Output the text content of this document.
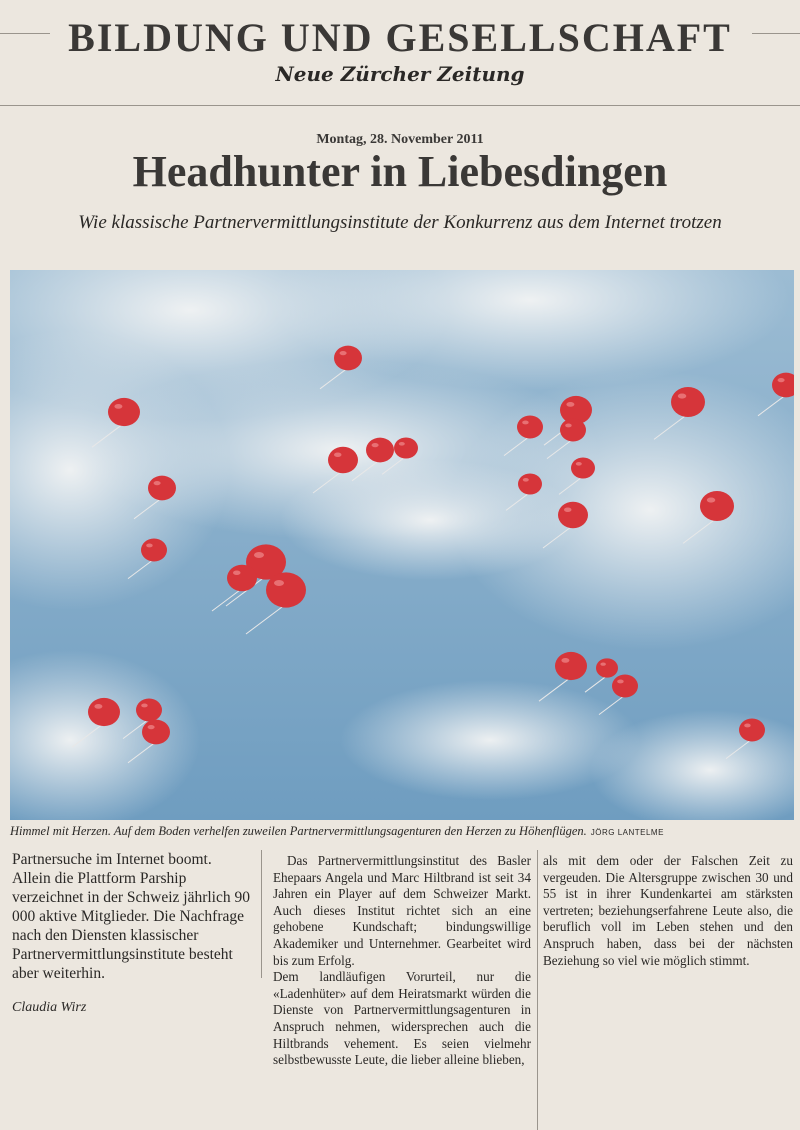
BILDUNG UND GESELLSCHAFT
Neue Zürcher Zeitung
Montag, 28. November 2011
Headhunter in Liebesdingen
Wie klassische Partnervermittlungsinstitute der Konkurrenz aus dem Internet trotzen
Himmel mit Herzen. Auf dem Boden verhelfen zuweilen Partnervermittlungsagenturen den Herzen zu Höhenflügen. JÖRG LANTELME
Partnersuche im Internet boomt. Allein die Plattform Parship verzeichnet in der Schweiz jährlich 90 000 aktive Mitglieder. Die Nachfrage nach den Diensten klassischer Partnervermittlungsinstitute besteht aber weiterhin.
Claudia Wirz

Das Partnervermittlungsinstitut des Basler Ehepaars Angela und Marc Hiltbrand ist seit 34 Jahren ein Player auf dem Schweizer Markt. Auch dieses Institut richtet sich an eine gehobene Kundschaft; bindungswillige Akademiker und Unternehmer. Gearbeitet wird bis zum Erfolg.

Dem landläufigen Vorurteil, nur die «Ladenhüter» auf dem Heiratsmarkt würden die Dienste von Partnervermittlungsagenturen in Anspruch nehmen, widersprechen auch die Hiltbrands vehement. Es seien vielmehr selbstbewusste Leute, die lieber alleine blieben,

als mit dem oder der Falschen Zeit zu vergeuden. Die Altersgruppe zwischen 30 und 55 ist in ihrer Kundenkartei am stärksten vertreten; beziehungserfahrene Leute also, die beruflich voll im Leben stehen und den Anspruch haben, dass bei der nächsten Beziehung so viel wie möglich stimmt.
